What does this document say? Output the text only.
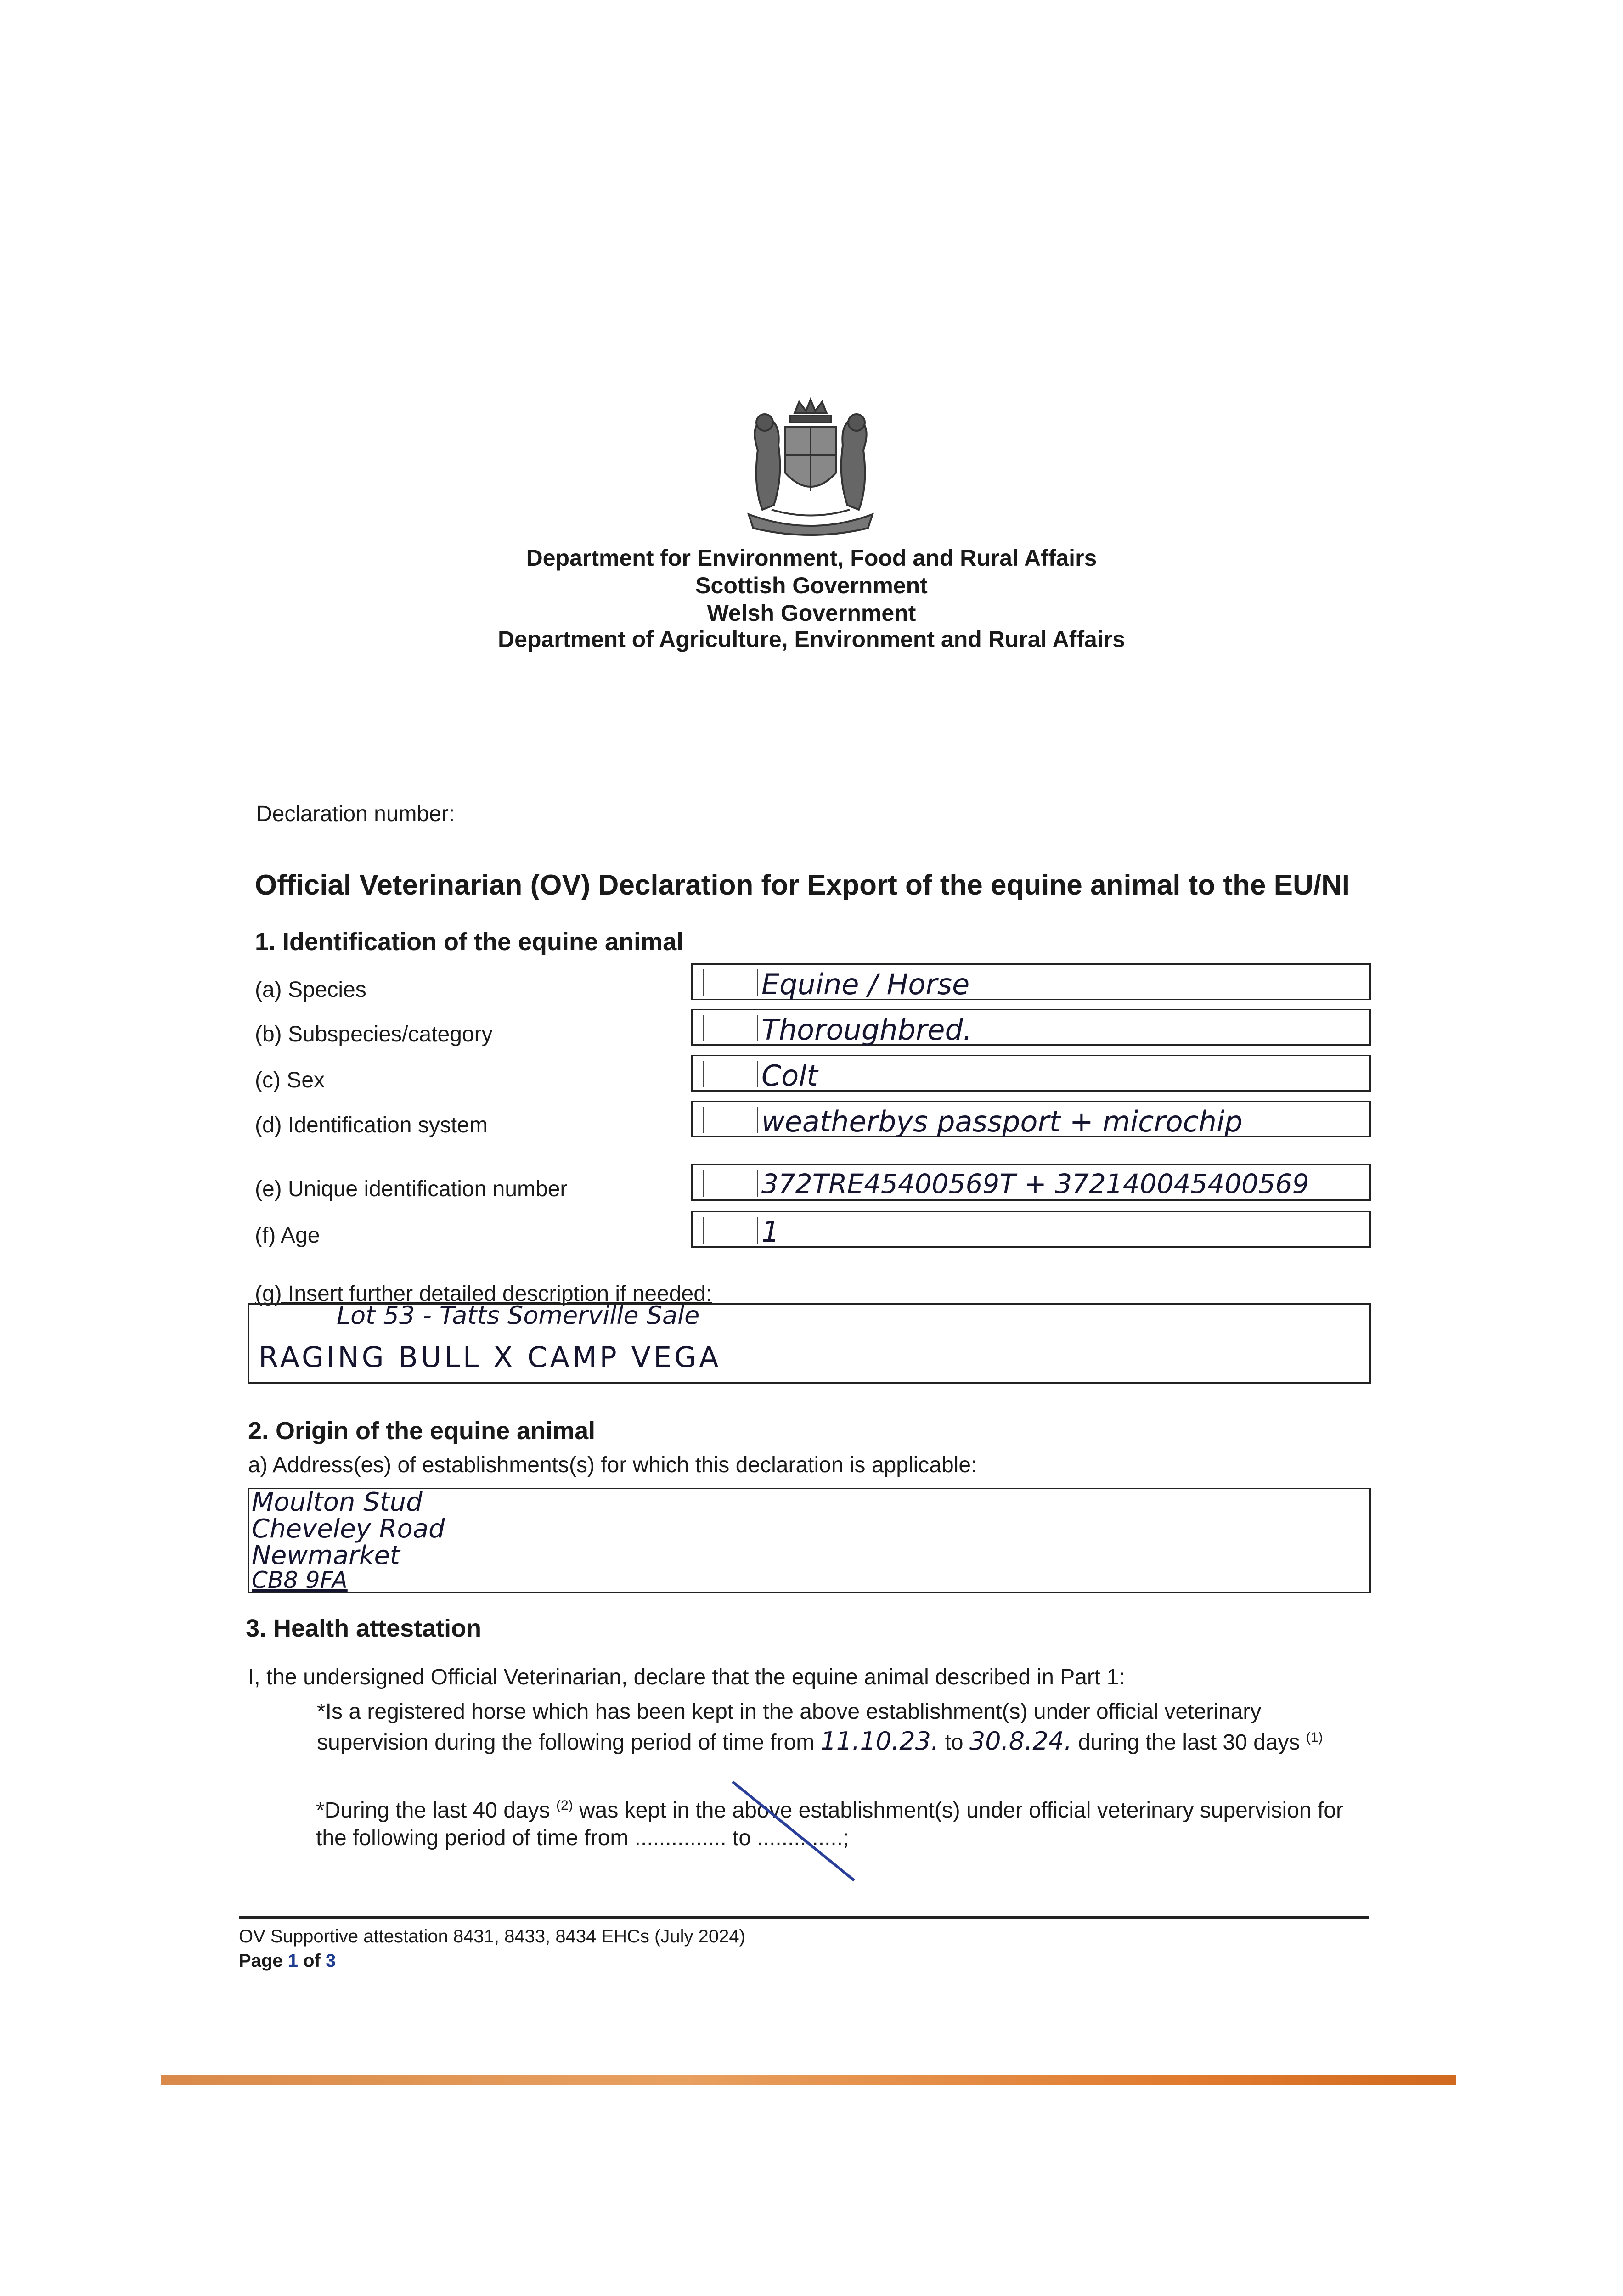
Department for Environment, Food and Rural Affairs
Scottish Government
Welsh Government
Department of Agriculture, Environment and Rural Affairs
Declaration number:
Official Veterinarian (OV) Declaration for Export of the equine animal to the EU/NI
1. Identification of the equine animal
(a) Species	Equine / Horse
(b) Subspecies/category	Thoroughbred.
(c) Sex	Colt
(d) Identification system	weatherbys passport + microchip
(e) Unique identification number	372TRE45400569T + 372140045400569
(f) Age	1
(g) Insert further detailed description if needed:
Lot 53 - Tatts Somerville Sale
RAGING BULL X CAMP VEGA
2. Origin of the equine animal
a) Address(es) of establishments(s) for which this declaration is applicable:
Moulton Stud
Cheveley Road
Newmarket
CB8 9FA
3. Health attestation
I, the undersigned Official Veterinarian, declare that the equine animal described in Part 1:
*Is a registered horse which has been kept in the above establishment(s) under official veterinary
supervision during the following period of time from 11.10.23. to 30.8.24. during the last 30 days $^{(1)}$
*During the last 40 days $^{(2)}$ was kept in the above establishment(s) under official veterinary supervision for
the following period of time from ............... to ..............;
OV Supportive attestation 8431, 8433, 8434 EHCs (July 2024)
Page 1 of 3
